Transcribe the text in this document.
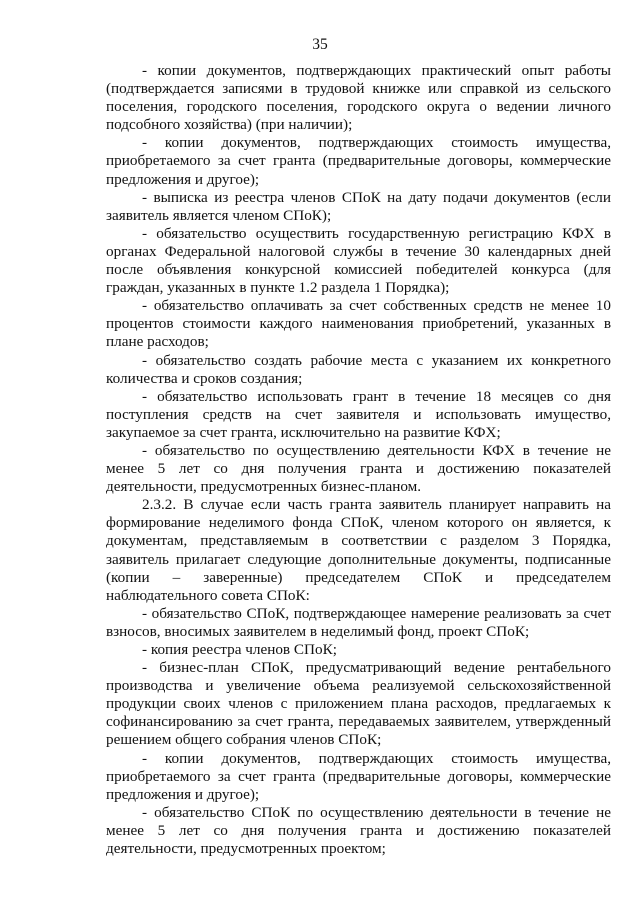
35

- копии документов, подтверждающих практический опыт работы (подтверждается записями в трудовой книжке или справкой из сельского поселения, городского поселения, городского округа о ведении личного подсобного хозяйства) (при наличии);

- копии документов, подтверждающих стоимость имущества, приобретаемого за счет гранта (предварительные договоры, коммерческие предложения и другое);

- выписка из реестра членов СПоК на дату подачи документов (если заявитель является членом СПоК);

- обязательство осуществить государственную регистрацию КФХ в органах Федеральной налоговой службы в течение 30 календарных дней после объявления конкурсной комиссией победителей конкурса (для граждан, указанных в пункте 1.2 раздела 1 Порядка);

- обязательство оплачивать за счет собственных средств не менее 10 процентов стоимости каждого наименования приобретений, указанных в плане расходов;

- обязательство создать рабочие места с указанием их конкретного количества и сроков создания;

- обязательство использовать грант в течение 18 месяцев со дня поступления средств на счет заявителя и использовать имущество, закупаемое за счет гранта, исключительно на развитие КФХ;

- обязательство по осуществлению деятельности КФХ в течение не менее 5 лет со дня получения гранта и достижению показателей деятельности, предусмотренных бизнес-планом.

2.3.2. В случае если часть гранта заявитель планирует направить на формирование неделимого фонда СПоК, членом которого он является, к документам, представляемым в соответствии с разделом 3 Порядка, заявитель прилагает следующие дополнительные документы, подписанные (копии – заверенные) председателем СПоК и председателем наблюдательного совета СПоК:

- обязательство СПоК, подтверждающее намерение реализовать за счет взносов, вносимых заявителем в неделимый фонд, проект СПоК;

- копия реестра членов СПоК;

- бизнес-план СПоК, предусматривающий ведение рентабельного производства и увеличение объема реализуемой сельскохозяйственной продукции своих членов с приложением плана расходов, предлагаемых к софинансированию за счет гранта, передаваемых заявителем, утвержденный решением общего собрания членов СПоК;

- копии документов, подтверждающих стоимость имущества, приобретаемого за счет гранта (предварительные договоры, коммерческие предложения и другое);

- обязательство СПоК по осуществлению деятельности в течение не менее 5 лет со дня получения гранта и достижению показателей деятельности, предусмотренных проектом;
